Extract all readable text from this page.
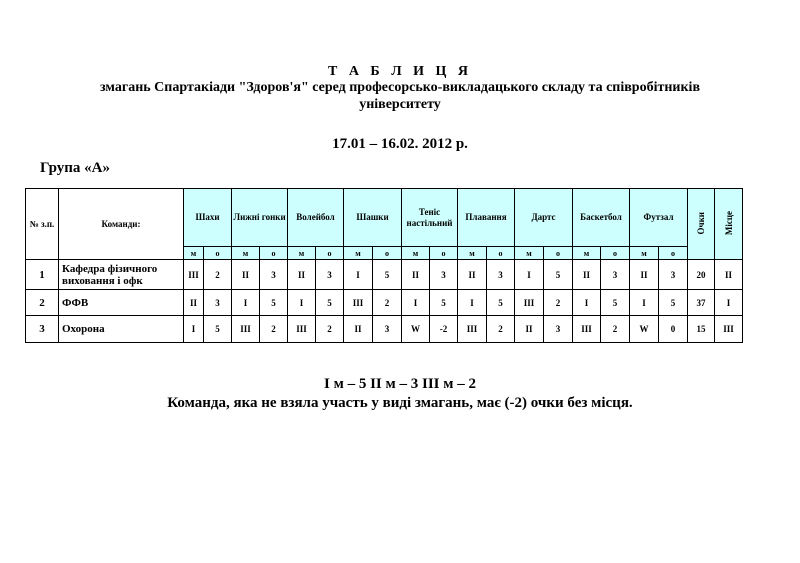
Т А Б Л И Ц Я
змагань Спартакіади "Здоров'я" серед професорсько-викладацького складу та співробітників
університету
17.01 – 16.02. 2012 р.
Група «А»
№ з.п.	Команди:	Шахи		Лижні гонки		Волейбол		Шашки		Теніс настільний		Плавання		Дартс		Баскетбол		Футзал		Очки	Місце
		м	о	м	о	м	о	м	о	м	о	м	о	м	о	м	о	м	о		
1	Кафедра фізичного виховання і офк	ІІІ	2	ІІ	3	ІІ	3	І	5	ІІ	3	ІІ	3	І	5	ІІ	3	ІІ	3	20	ІІ
2	ФФВ	ІІ	3	І	5	І	5	ІІІ	2	І	5	І	5	ІІІ	2	І	5	І	5	37	І
3	Охорона	І	5	ІІІ	2	ІІІ	2	ІІ	3	W	-2	ІІІ	2	ІІ	3	ІІІ	2	W	0	15	ІІІ
І м – 5 ІІ м – 3 ІІІ м – 2
Команда, яка не взяла участь у виді змагань, має (-2) очки без місця.
